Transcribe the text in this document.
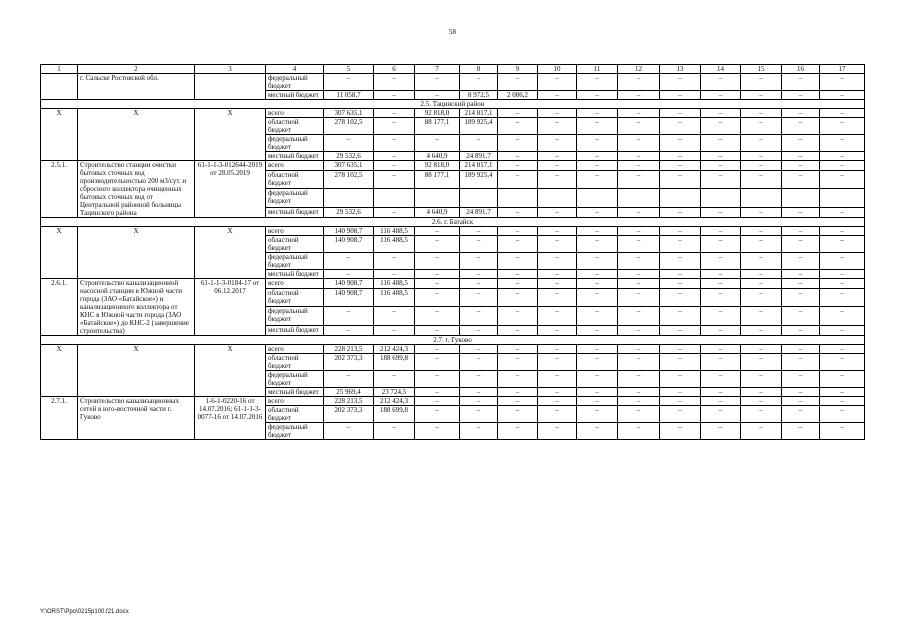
58
1	2	3	4	5	6	7	8	9	10	11	12	13	14	15	16	17
	г. Сальске Ростовской обл.		федеральный бюджет	–	–	–	–	–	–	–	–	–	–	–	–	–
			местный бюджет	11 058,7	–	–	8 972,5	2 086,2	–	–	–	–	–	–	–	–
2.5. Тацинский район																
Х	Х	Х	всего	307 635,1	–	92 818,0	214 817,1	–	–	–	–	–	–	–	–	–
			областной бюджет	278 102,5	–	88 177,1	189 925,4	–	–	–	–	–	–	–	–	–
			федеральный бюджет	–	–	–	–	–	–	–	–	–	–	–	–	–
			местный бюджет	29 532,6	–	4 640,9	24 891,7	–	–	–	–	–	–	–	–	–
2.5.1.	Строительство станции очистки бытовых сточных вод производительностью 200 м3/сут. и сбросного коллектора очищенных бытовых сточных вод от Центральной районной больницы Тацинского района	61-1-1-3-012644-2019 от 28.05.2019	всего	307 635,1	–	92 818,0	214 817,1	–	–	–	–	–	–	–	–	–
			областной бюджет	278 102,5	–	88 177,1	189 925,4	–	–	–	–	–	–	–	–	–
			федеральный бюджет													
			местный бюджет	29 532,6	–	4 640,9	24 891,7	–	–	–	–	–	–	–	–	–
2.6. г. Батайск																
Х	Х	Х	всего	140 908,7	116 488,5	–	–	–	–	–	–	–	–	–	–	–
			областной бюджет	140 908,7	116 488,5	–	–	–	–	–	–	–	–	–	–	–
			федеральный бюджет	–	–	–	–	–	–	–	–	–	–	–	–	–
			местный бюджет	–	–	–	–	–	–	–	–	–	–	–	–	–
2.6.1.	Строительство канализационной насосной станции в Южной части города (ЗАО «Батайское») и канализационного коллектора от КНС в Южной части города (ЗАО «Батайское») до КНС-2 (завершение строительства)	61-1-1-3-0184-17 от 06.12.2017	всего	140 908,7	116 488,5	–	–	–	–	–	–	–	–	–	–	–
			областной бюджет	140 908,7	116 488,5	–	–	–	–	–	–	–	–	–	–	–
			федеральный бюджет	–	–	–	–	–	–	–	–	–	–	–	–	–
			местный бюджет	–	–	–	–	–	–	–	–	–	–	–	–	–
2.7. г. Гуково																
Х	Х	Х	всего	228 213,5	212 424,3	–	–	–	–	–	–	–	–	–	–	–
			областной бюджет	202 373,3	188 699,8	–	–	–	–	–	–	–	–	–	–	–
			федеральный бюджет	–	–	–	–	–	–	–	–	–	–	–	–	–
			местный бюджет	25 969,4	23 724,5	–	–	–	–	–	–	–	–	–	–	–
2.7.1.	Строительство канализационных сетей в юго-восточной части г. Гуково	1-6-1-0220-16 от 14.07.2016; 61-1-1-3-0077-16 от 14.07.2016	всего	228 213,5	212 424,3	–	–	–	–	–	–	–	–	–	–	–
			областной бюджет	202 373,3	188 699,8	–	–	–	–	–	–	–	–	–	–	–
			федеральный бюджет	–	–	–	–	–	–	–	–	–	–	–	–	–
Y:\ORST\Ppo\0215p100.f21.docx
